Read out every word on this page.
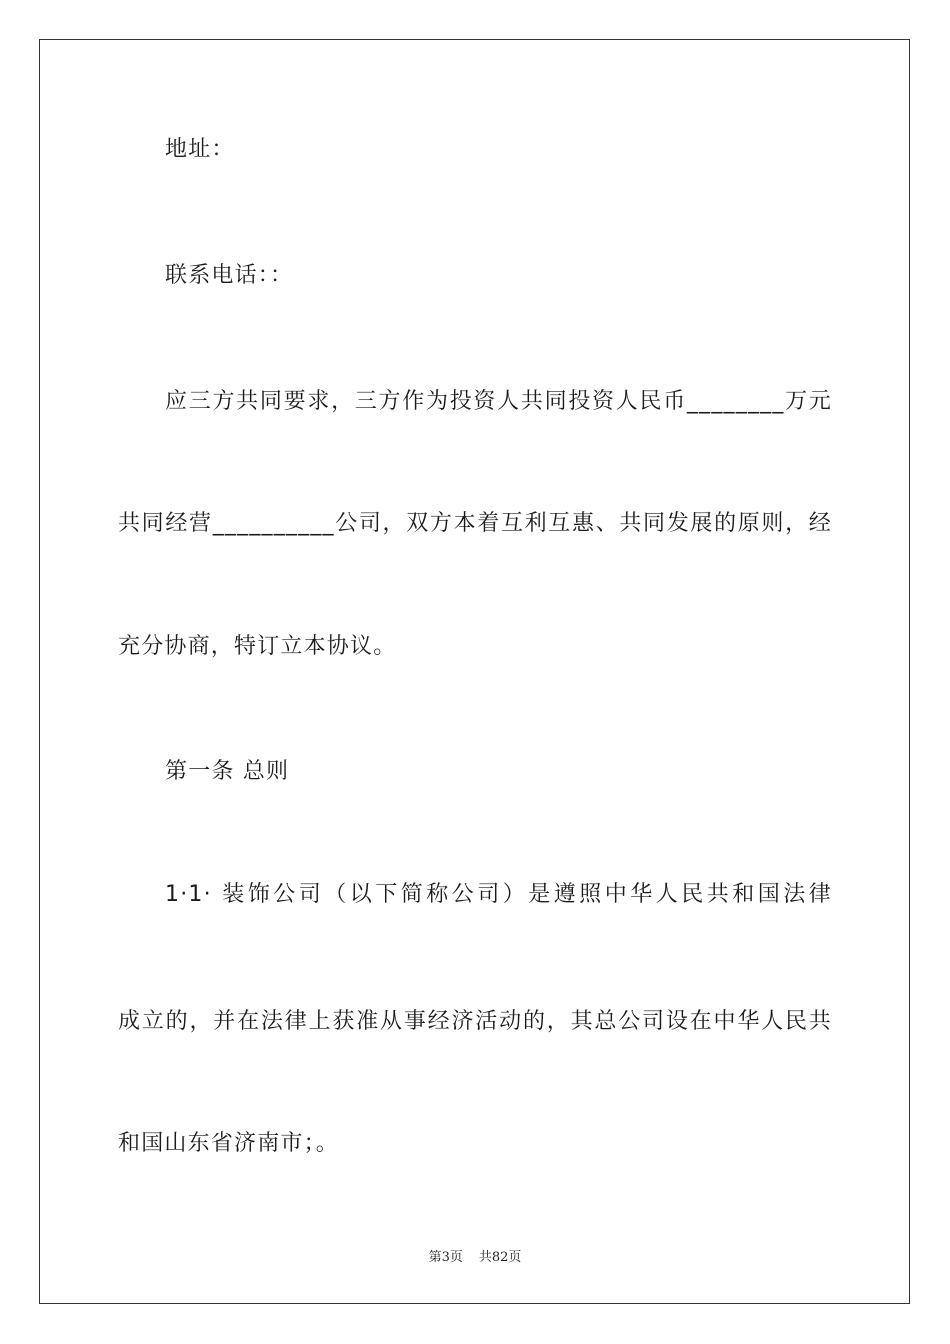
地址：
联系电话：：
应三方共同要求，三方作为投资人共同投资人民币________万元
共同经营__________公司，双方本着互利互惠、共同发展的原则，经
充分协商，特订立本协议。
第一条 总则
1·1· 装饰公司（以下简称公司）是遵照中华人民共和国法律
成立的，并在法律上获准从事经济活动的，其总公司设在中华人民共
和国山东省济南市；。
第3页 共82页
